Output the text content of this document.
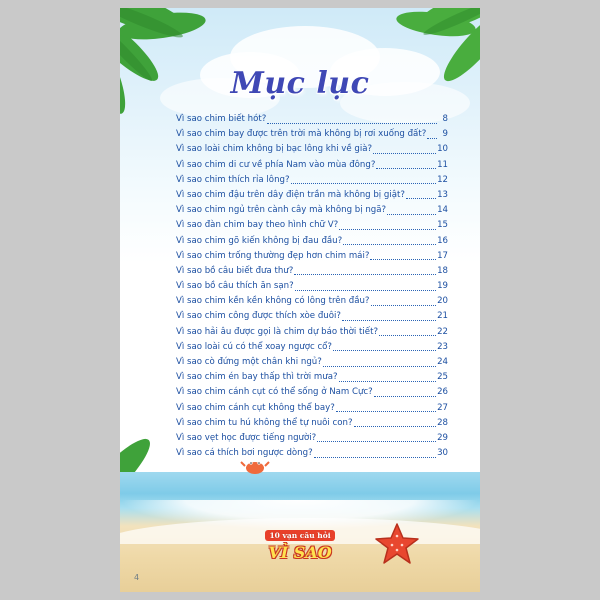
Mục lục
Vì sao chim biết hót?	8
Vì sao chim bay được trên trời mà không bị rơi xuống đất?	9
Vì sao loài chim không bị bạc lông khi về già?	10
Vì sao chim di cư về phía Nam vào mùa đông?	11
Vì sao chim thích rỉa lông?	12
Vì sao chim đậu trên dây điện trần mà không bị giật?	13
Vì sao chim ngủ trên cành cây mà không bị ngã?	14
Vì sao đàn chim bay theo hình chữ V?	15
Vì sao chim gõ kiến không bị đau đầu?	16
Vì sao chim trống thường đẹp hơn chim mái?	17
Vì sao bồ câu biết đưa thư?	18
Vì sao bồ câu thích ăn sạn?	19
Vì sao chim kền kền không có lông trên đầu?	20
Vì sao chim công được thích xòe đuôi?	21
Vì sao hải âu được gọi là chim dự báo thời tiết?	22
Vì sao loài cú có thể xoay ngược cổ?	23
Vì sao cò đứng một chân khi ngủ?	24
Vì sao chim én bay thấp thì trời mưa?	25
Vì sao chim cánh cụt có thể sống ở Nam Cực?	26
Vì sao chim cánh cụt không thể bay?	27
Vì sao chim tu hú không thể tự nuôi con?	28
Vì sao vẹt học được tiếng người?	29
Vì sao cá thích bơi ngược dòng?	30
10 vạn câu hỏi
VÌ SAO
4
